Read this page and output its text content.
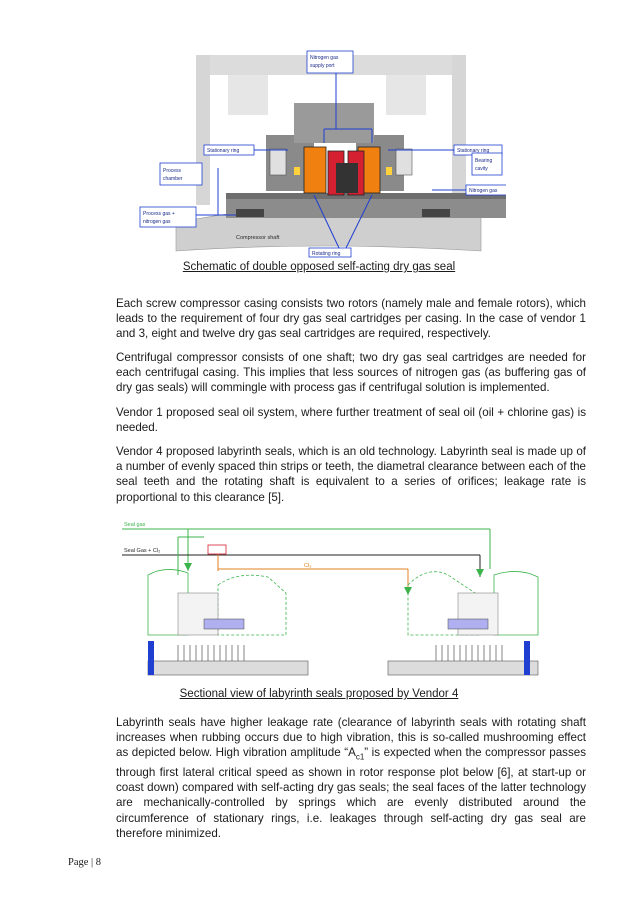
Nitrogen gas
supply port
Stationary ring	Stationary ring
Process
chamber
Bearing
cavity
Nitrogen gas
Process gas +
nitrogen gas
Compressor shaft
Rotating ring
Schematic of double opposed self-acting dry gas seal

Each screw compressor casing consists two rotors (namely male and female rotors), which leads to the requirement of four dry gas seal cartridges per casing. In the case of vendor 1 and 3, eight and twelve dry gas seal cartridges are required, respectively.

Centrifugal compressor consists of one shaft; two dry gas seal cartridges are needed for each centrifugal casing. This implies that less sources of nitrogen gas (as buffering gas of dry gas seals) will commingle with process gas if centrifugal solution is implemented.

Vendor 1 proposed seal oil system, where further treatment of seal oil (oil + chlorine gas) is needed.

Vendor 4 proposed labyrinth seals, which is an old technology. Labyrinth seal is made up of a number of evenly spaced thin strips or teeth, the diametral clearance between each of the seal teeth and the rotating shaft is equivalent to a series of orifices; leakage rate is proportional to this clearance [5].

Seal gas
Seal Gas + Cl₂
Cl₂
Sectional view of labyrinth seals proposed by Vendor 4

Labyrinth seals have higher leakage rate (clearance of labyrinth seals with rotating shaft increases when rubbing occurs due to high vibration, this is so-called mushrooming effect as depicted below. High vibration amplitude “$A_{c1}$” is expected when the compressor passes through first lateral critical speed as shown in rotor response plot below [6], at start-up or coast down) compared with self-acting dry gas seals; the seal faces of the latter technology are mechanically-controlled by springs which are evenly distributed around the circumference of stationary rings, i.e. leakages through self-acting dry gas seal are therefore minimized.

Page | 8
